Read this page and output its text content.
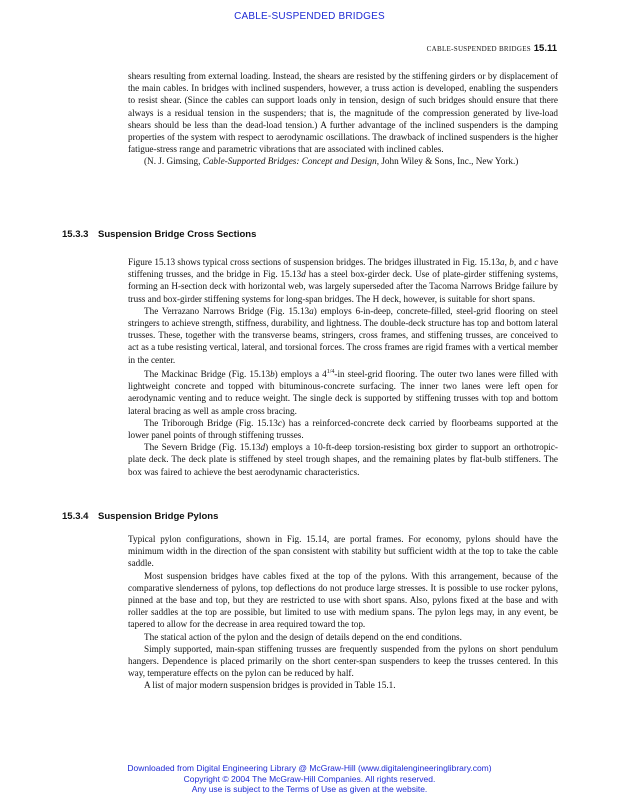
CABLE-SUSPENDED BRIDGES
CABLE-SUSPENDED BRIDGES 15.11

shears resulting from external loading. Instead, the shears are resisted by the stiffening girders or by displacement of the main cables. In bridges with inclined suspenders, however, a truss action is developed, enabling the suspenders to resist shear. (Since the cables can support loads only in tension, design of such bridges should ensure that there always is a residual tension in the suspenders; that is, the magnitude of the compression generated by live-load shears should be less than the dead-load tension.) A further advantage of the inclined suspenders is the damping properties of the system with respect to aerodynamic oscillations. The drawback of inclined suspenders is the higher fatigue-stress range and parametric vibrations that are associated with inclined cables.

(N. J. Gimsing, Cable-Supported Bridges: Concept and Design, John Wiley & Sons, Inc., New York.)

15.3.3 Suspension Bridge Cross Sections

Figure 15.13 shows typical cross sections of suspension bridges. The bridges illustrated in Fig. 15.13a, b, and c have stiffening trusses, and the bridge in Fig. 15.13d has a steel box-girder deck. Use of plate-girder stiffening systems, forming an H-section deck with horizontal web, was largely superseded after the Tacoma Narrows Bridge failure by truss and box-girder stiffening systems for long-span bridges. The H deck, however, is suitable for short spans.

The Verrazano Narrows Bridge (Fig. 15.13a) employs 6-in-deep, concrete-filled, steel-grid flooring on steel stringers to achieve strength, stiffness, durability, and lightness. The double-deck structure has top and bottom lateral trusses. These, together with the transverse beams, stringers, cross frames, and stiffening trusses, are conceived to act as a tube resisting vertical, lateral, and torsional forces. The cross frames are rigid frames with a vertical member in the center.

The Mackinac Bridge (Fig. 15.13b) employs a $4^{1/4}-in$ steel-grid flooring. The outer two lanes were filled with lightweight concrete and topped with bituminous-concrete surfacing. The inner two lanes were left open for aerodynamic venting and to reduce weight. The single deck is supported by stiffening trusses with top and bottom lateral bracing as well as ample cross bracing.

The Triborough Bridge (Fig. 15.13c) has a reinforced-concrete deck carried by floorbeams supported at the lower panel points of through stiffening trusses.

The Severn Bridge (Fig. 15.13d) employs a 10-ft-deep torsion-resisting box girder to support an orthotropic-plate deck. The deck plate is stiffened by steel trough shapes, and the remaining plates by flat-bulb stiffeners. The box was faired to achieve the best aerodynamic characteristics.

15.3.4 Suspension Bridge Pylons

Typical pylon configurations, shown in Fig. 15.14, are portal frames. For economy, pylons should have the minimum width in the direction of the span consistent with stability but sufficient width at the top to take the cable saddle.

Most suspension bridges have cables fixed at the top of the pylons. With this arrangement, because of the comparative slenderness of pylons, top deflections do not produce large stresses. It is possible to use rocker pylons, pinned at the base and top, but they are restricted to use with short spans. Also, pylons fixed at the base and with roller saddles at the top are possible, but limited to use with medium spans. The pylon legs may, in any event, be tapered to allow for the decrease in area required toward the top.

The statical action of the pylon and the design of details depend on the end conditions.

Simply supported, main-span stiffening trusses are frequently suspended from the pylons on short pendulum hangers. Dependence is placed primarily on the short center-span suspenders to keep the trusses centered. In this way, temperature effects on the pylon can be reduced by half.

A list of major modern suspension bridges is provided in Table 15.1.

Downloaded from Digital Engineering Library @ McGraw-Hill (www.digitalengineeringlibrary.com)
Copyright © 2004 The McGraw-Hill Companies. All rights reserved.
Any use is subject to the Terms of Use as given at the website.
